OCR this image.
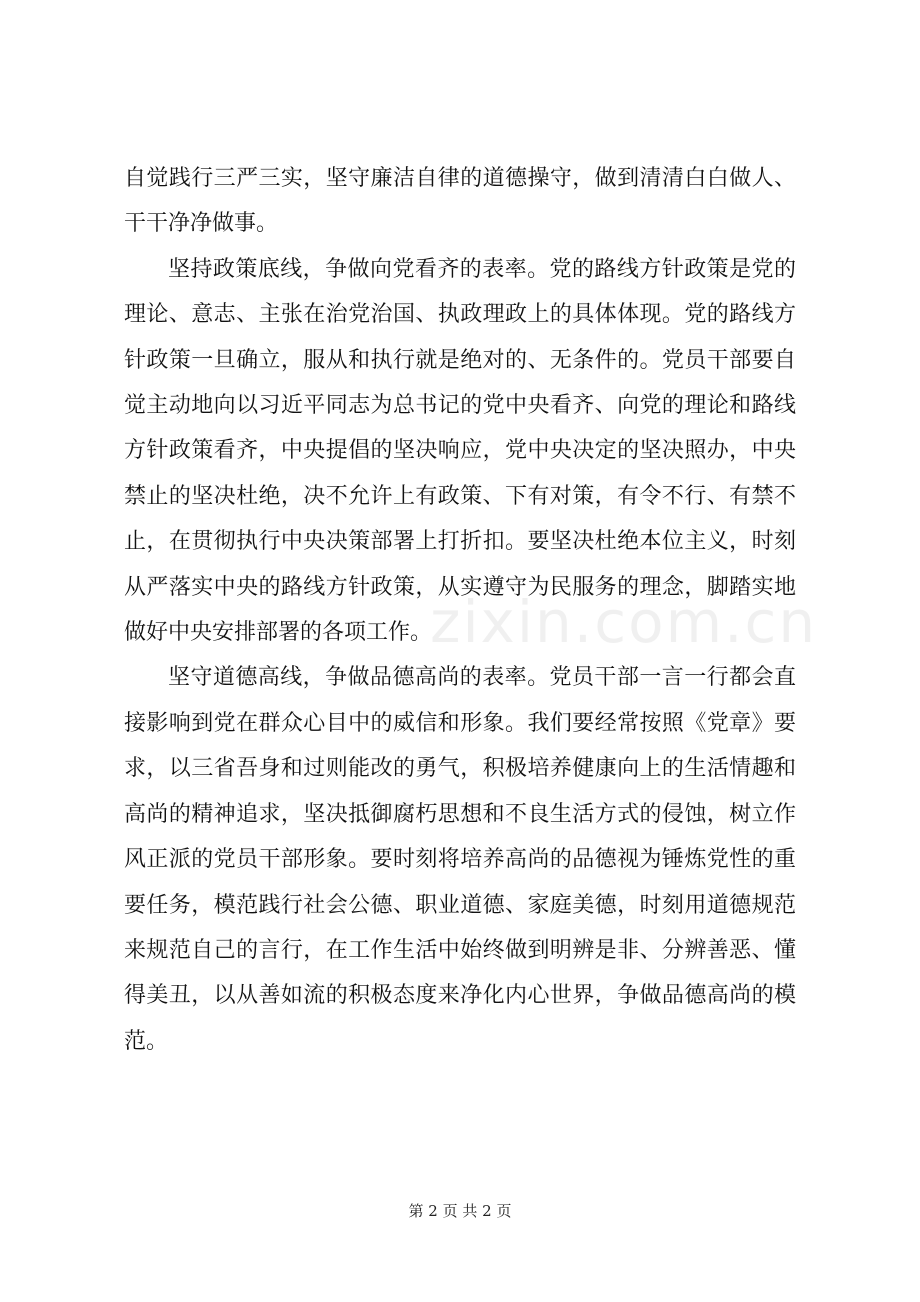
自觉践行三严三实，坚守廉洁自律的道德操守，做到清清白白做人、干干净净做事。

坚持政策底线，争做向党看齐的表率。党的路线方针政策是党的理论、意志、主张在治党治国、执政理政上的具体体现。党的路线方针政策一旦确立，服从和执行就是绝对的、无条件的。党员干部要自觉主动地向以习近平同志为总书记的党中央看齐、向党的理论和路线方针政策看齐，中央提倡的坚决响应，党中央决定的坚决照办，中央禁止的坚决杜绝，决不允许上有政策、下有对策，有令不行、有禁不止，在贯彻执行中央决策部署上打折扣。要坚决杜绝本位主义，时刻从严落实中央的路线方针政策，从实遵守为民服务的理念，脚踏实地做好中央安排部署的各项工作。

坚守道德高线，争做品德高尚的表率。党员干部一言一行都会直接影响到党在群众心目中的威信和形象。我们要经常按照《党章》要求，以三省吾身和过则能改的勇气，积极培养健康向上的生活情趣和高尚的精神追求，坚决抵御腐朽思想和不良生活方式的侵蚀，树立作风正派的党员干部形象。要时刻将培养高尚的品德视为锤炼党性的重要任务，模范践行社会公德、职业道德、家庭美德，时刻用道德规范来规范自己的言行，在工作生活中始终做到明辨是非、分辨善恶、懂得美丑，以从善如流的积极态度来净化内心世界，争做品德高尚的模范。

zixin.com.cn
第 2 页 共 2 页
